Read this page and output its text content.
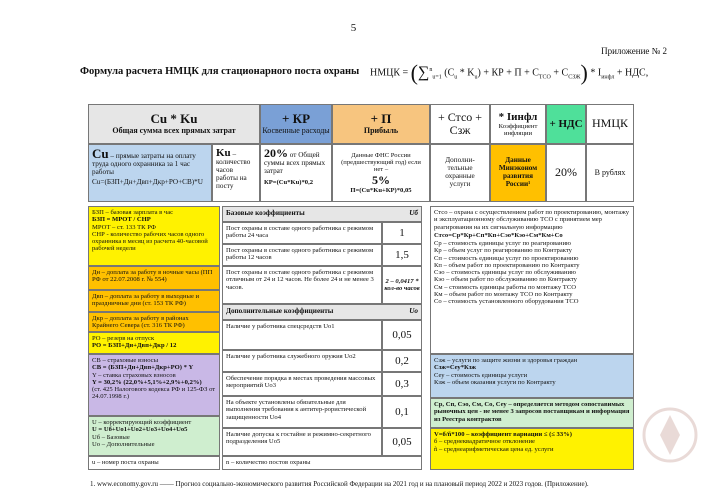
5
Приложение № 2
Формула расчета НМЦК для стационарного поста охраны НМЦК = (∑$^n_{u=1}$ $(C_u * K_u)$ + КР + $П + C_{ТСО} + C_{СЗЖ}) * I_{инфл}$ + НДС,
Cu * Ku
Общая сумма всех прямых затрат
+ КР
Косвенные расходы
+ П
Прибыль
+ Стсо +
Сзж
* Iинфл
Коэффициент инфляции
+ НДС НМЦК
Cu – прямые затраты на оплату труда одного охранника за 1 час работы
Cu=(БЗП+Дн+Двп+Дкр+РО+СВ)*U
Ku – количество часов работы на посту
20% от Общей суммы всех прямых затрат
КР=(Cu*Ku)*0,2
Данные ФНС России (предшествующий год) если нет –
5%
П=(Cu*Ku+КР)*0,05
Дополни-тельные охранные услуги
Данные Минэконом развития России¹
20% В рублях
БЗП – базовая зарплата в час
БЗП = МРОТ / СНР
МРОТ – ст. 133 ТК РФ
СНР - количество рабочих часов одного охранника в месяц из расчета 40-часовой рабочей недели
Дн – доплата за работу в ночные часы (ПП РФ от 22.07.2008 г. № 554)
Двп – доплата за работу в выходные и праздничные дни (ст. 153 ТК РФ)
Дкр – доплата за работу в районах Крайнего Севера (ст. 316 ТК РФ)
РО – резерв на отпуск
РО = БЗП+Дн+Двп+Дкр / 12
СВ – страховые взносы
СВ = (БЗП+Дн+Двп+Дкр+РО) * Y
Y – ставка страховых взносов
Y = 30,2% (22,0%+5,1%+2,9%+0,2%)
(ст. 425 Налогового кодекса РФ и 125-ФЗ от 24.07.1998 г.)
U – корректирующий коэффициент
U = Uб+Uо1+Uо2+Uо3+Uо4+Uо5
Uб – Базовые
Uо – Дополнительные
u – номер поста охраны
Базовые коэффициенты	Uб
Пост охраны в составе одного работника с режимом работы 24 часа	1
Пост охраны в составе одного работника с режимом работы 12 часов	1,5
Пост охраны в составе одного работника с режимом отличным от 24 и 12 часов. Не более 24 и не менее 3 часов.
2 – 0,0417 * кол-во часов
Дополнительные коэффициенты	Uо
Наличие у работника спецсредств Uо1
0,05
Наличие у работника служебного оружия Uо2	0,2
Обеспечение порядка в местах проведения массовых мероприятий Uо3	0,3
На объекте установлены обязательные для выполнения требования к антитер-рористической защищенности Uо4	0,1
Наличие допуска к гостайне и режимно-секретного подразделения Uо5	0,05
n – количество постов охраны
Стсо – охрана с осуществлением работ по проектированию, монтажу и эксплуатационному обслуживанию ТСО с принятием мер реагирования на их сигнальную информацию
Стсо=Ср*Кр+Сп*Кп+Сэо*Кэо+См*Км+Со
Ср – стоимость единицы услуг по реагированию
Кр – объем услуг по реагированию по Контракту
Сп – стоимость единицы услуг по проектированию
Кп – объем работ по проектированию по Контракту
Сэо – стоимость единицы услуг по обслуживанию
Кэо – объем работ по обслуживанию по Контракту
См – стоимость единицы работы по монтажу ТСО
Км – объем работ по монтажу ТСО по Контракту
Со – стоимость установленного оборудования ТСО
Сзж – услуги по защите жизни и здоровья граждан
Сзж=Сеу*Кзж
Сеу – стоимость единицы услуги
Кзж – объем оказания услуги по Контракту
Ср, Сп, Сэо, См, Со, Сеу – определяется методом сопоставимых рыночных цен - не менее 3 запросов поставщикам и информация из Реестра контрактов
V=б/ñ*100 – коэффициент вариации ≤ (≤ 33%)
б – среднеквадратичное отклонение
ñ – среднеарифметическая цена ед. услуги
1. www.economy.gov.ru —— Прогноз социально-экономического развития Российской Федерации на 2021 год и на плановый период 2022 и 2023 годов. (Приложение).
